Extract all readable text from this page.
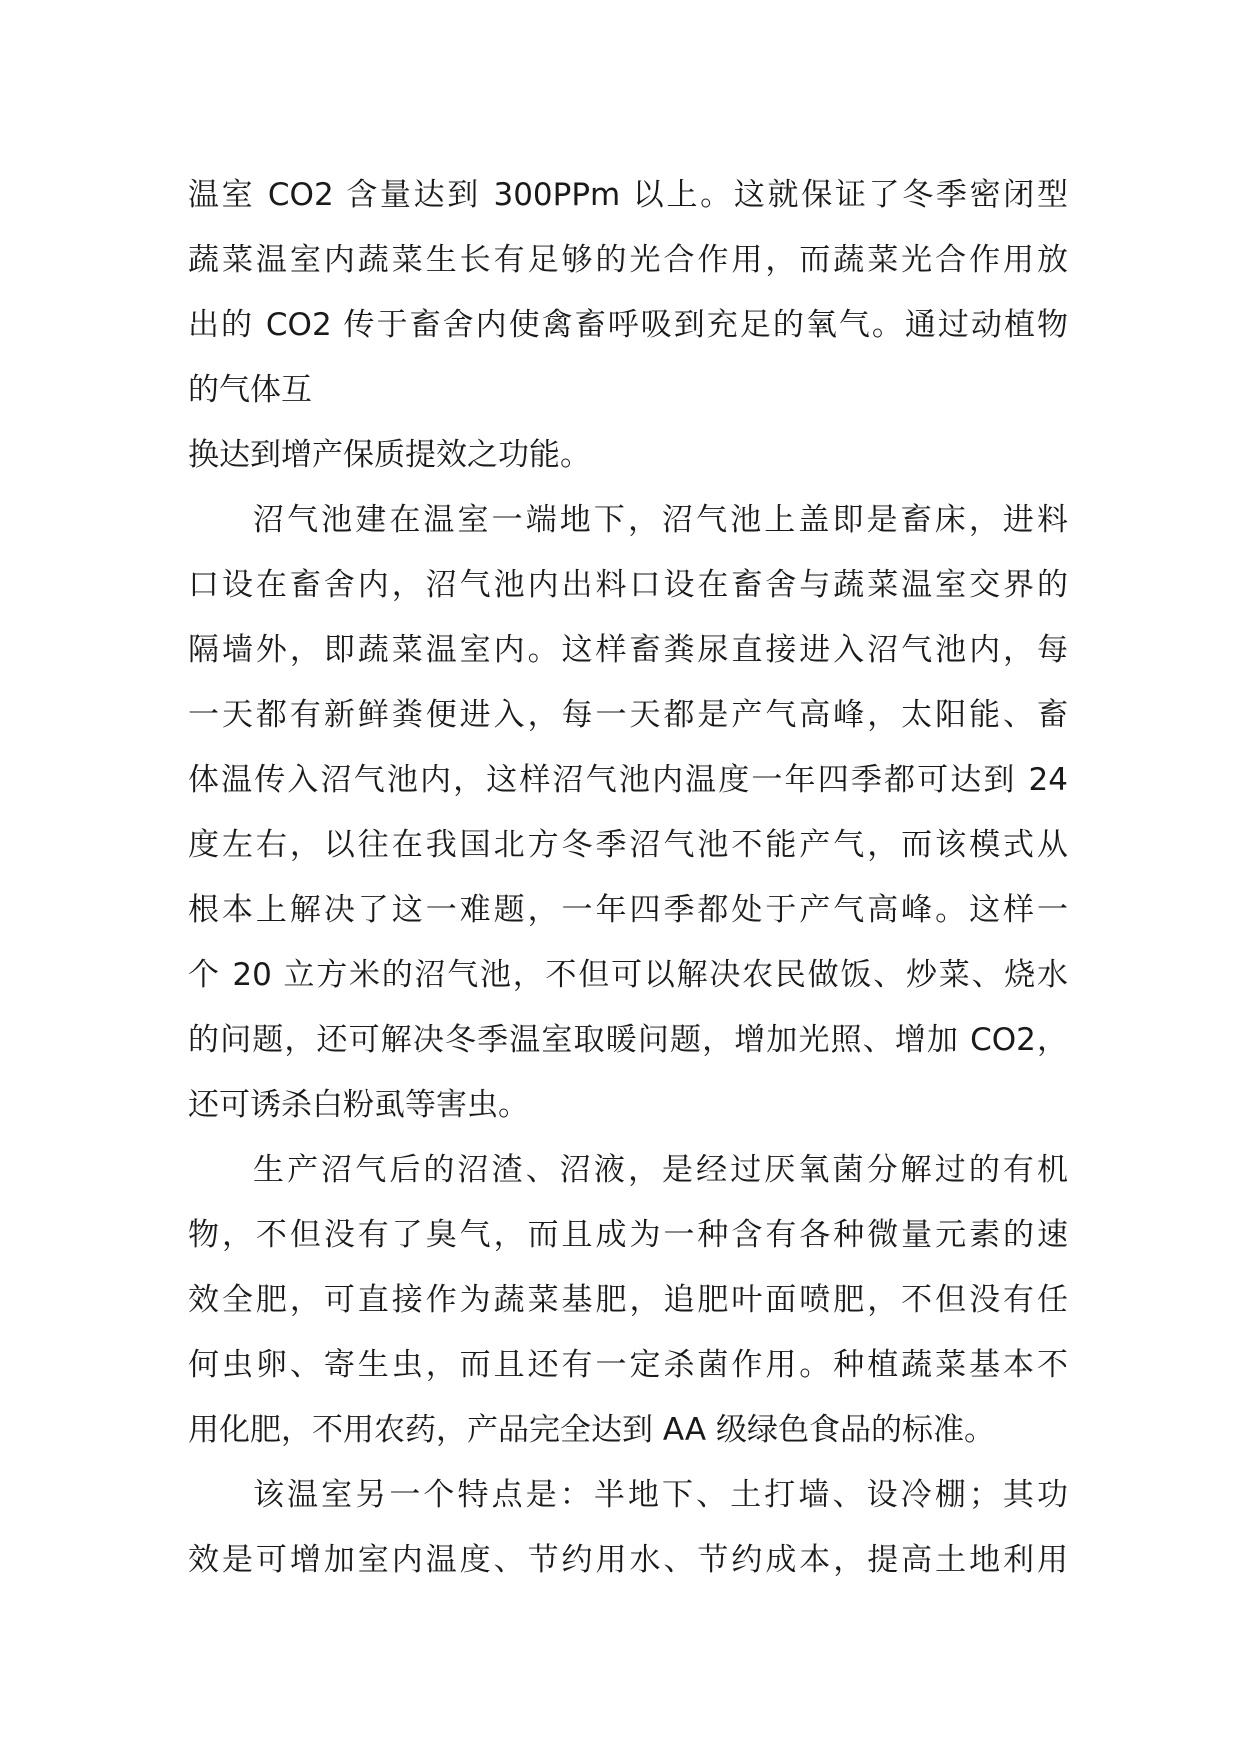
温室 CO2 含量达到 300PPm 以上。这就保证了冬季密闭型
蔬菜温室内蔬菜生长有足够的光合作用，而蔬菜光合作用放
出的 CO2 传于畜舍内使禽畜呼吸到充足的氧气。通过动植物
的气体互
换达到增产保质提效之功能。
沼气池建在温室一端地下，沼气池上盖即是畜床，进料
口设在畜舍内，沼气池内出料口设在畜舍与蔬菜温室交界的
隔墙外，即蔬菜温室内。这样畜粪尿直接进入沼气池内，每
一天都有新鲜粪便进入，每一天都是产气高峰，太阳能、畜
体温传入沼气池内，这样沼气池内温度一年四季都可达到 24
度左右，以往在我国北方冬季沼气池不能产气，而该模式从
根本上解决了这一难题，一年四季都处于产气高峰。这样一
个 20 立方米的沼气池，不但可以解决农民做饭、炒菜、烧水
的问题，还可解决冬季温室取暖问题，增加光照、增加 CO2，
还可诱杀白粉虱等害虫。
生产沼气后的沼渣、沼液，是经过厌氧菌分解过的有机
物，不但没有了臭气，而且成为一种含有各种微量元素的速
效全肥，可直接作为蔬菜基肥，追肥叶面喷肥，不但没有任
何虫卵、寄生虫，而且还有一定杀菌作用。种植蔬菜基本不
用化肥，不用农药，产品完全达到 AA 级绿色食品的标准。
该温室另一个特点是：半地下、土打墙、设冷棚；其功
效是可增加室内温度、节约用水、节约成本，提高土地利用
